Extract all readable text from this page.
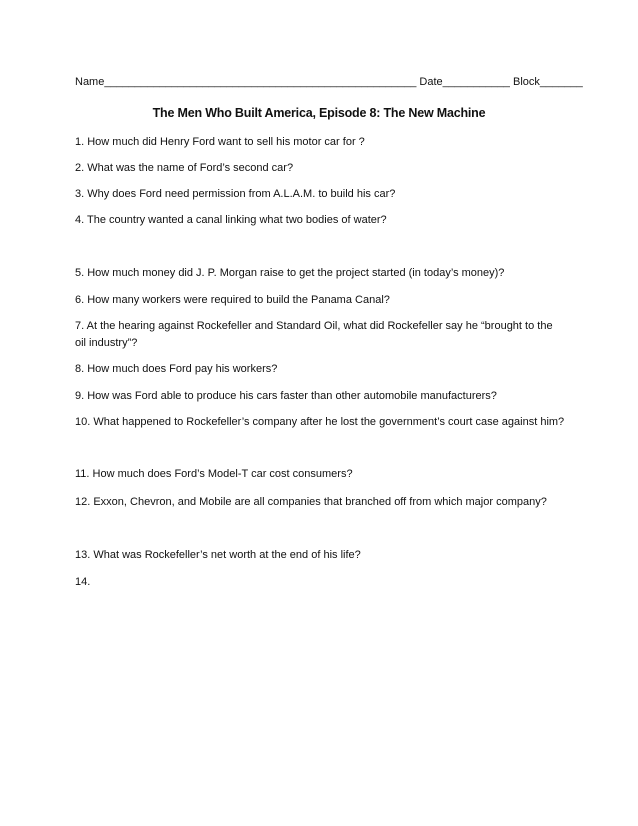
Name___________________________________________________ Date___________ Block_______
The Men Who Built America, Episode 8: The New Machine
1. How much did Henry Ford want to sell his motor car for ?
2. What was the name of Ford’s second car?
3. Why does Ford need permission from A.L.A.M. to build his car?
4. The country wanted a canal linking what two bodies of water?
5. How much money did J. P. Morgan raise to get the project started (in today’s money)?
6. How many workers were required to build the Panama Canal?
7. At the hearing against Rockefeller and Standard Oil, what did Rockefeller say he “brought to the oil industry”?
8. How much does Ford pay his workers?
9. How was Ford able to produce his cars faster than other automobile manufacturers?
10. What happened to Rockefeller’s company after he lost the government’s court case against him?
11. How much does Ford’s Model-T car cost consumers?
12. Exxon, Chevron, and Mobile are all companies that branched off from which major company?
13. What was Rockefeller’s net worth at the end of his life?
14.
